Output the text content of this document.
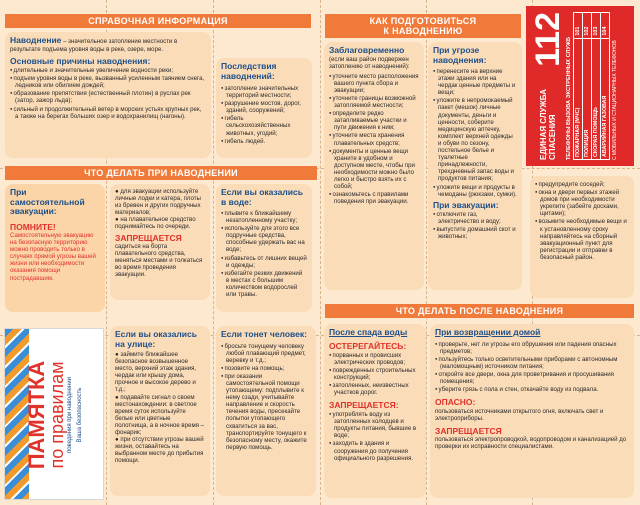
СПРАВОЧНАЯ ИНФОРМАЦИЯ	КАК ПОДГОТОВИТЬСЯ
К НАВОДНЕНИЮ
ЧТО ДЕЛАТЬ ПРИ НАВОДНЕНИИ
ЧТО ДЕЛАТЬ ПОСЛЕ НАВОДНЕНИЯ
Наводнение – значительное затопление местности в результате подъема уровня воды в реке, озере, море.
Основные причины наводнения:
● длительные и значительные увеличение водности реки;
● подъем уровня воды в реке, вызванный усиленным таянием снега, ледников или обилием дождей;
● образование препятствия (естественный плотин) в руслах рек (затор, зажор льда);
● сильный и продолжительный ветер в морских устьях крупных рек, а также на берегах больших озер и водохранилищ (нагоны).
Последствия наводнений:
● затопление значительных территорий местности;
● разрушение мостов, дорог, зданий, сооружений;
● гибель сельскохозяйственных животных, угодий;
● гибель людей.
Заблаговременно
(если ваш район подвержен затоплению от наводнений):
● уточните место расположения вашего пункта сбора и эвакуации;
● уточните границы возможной затопляемой местности;
● определите редко затапливаемые участки и пути движения к ним;
● уточните места хранения плавательных средств;
● документы и ценные вещи храните в удобном и доступном месте, чтобы при необходимости можно было легко и быстро взять их с собой;
● ознакомьтесь с правилами поведения при эвакуации.
При угрозе наводнения:
● перенесите на верхние этажи здания или на чердак ценные предметы и вещи;
● уложите в непромокаемый пакет (мешок) личные документы, деньги и ценности, соберите медицинскую аптечку, комплект верхней одежды и обуви по сезону, постельное белье и туалетные принадлежности, трехдневный запас воды и продуктов питания;
● уложите вещи и продукты в чемоданы (рюкзаки, сумки).
При эвакуации:
● отключите газ, электричество и воду;
● выпустите домашний скот и животных;
● предупредите соседей;
● окна и двери первых этажей домов при необходимости укрепите (забейте досками, щитами);
● возьмите необходимые вещи и к установленному сроку направляйтесь на сборный эвакуационный пункт для регистрации и отправки в безопасный район.
ЕДИНАЯ СЛУЖБА СПАСЕНИЯ
112 ТЕЛЕФОНЫ ВЫЗОВА ЭКСТРЕННЫХ СЛУЖБ ПОЖАРНАЯ (МЧС)	101
ПОЛИЦИЯ	102
СКОРАЯ ПОМОЩЬ	103
АВАРИЙНАЯ ГАЗОВАЯ	104
С МОБИЛЬНЫХ И СТАЦИОНАРНЫХ ТЕЛЕФОНОВ
При самостоятельной эвакуации:
ПОМНИТЕ!
Самостоятельную эвакуацию на безопасную территорию можно проводить только в случаях прямой угрозы вашей жизни или необходимости оказания помощи пострадавшим.
● для эвакуации используйте личные лодки и катера, плоты из бревен и других подручных материалов;
● на плавательное средство поднимайтесь по очереди.
ЗАПРЕЩАЕТСЯ садиться на борта плавательного средства, меняться местами и толкаться во время проведения эвакуации.
Если вы оказались в воде:
● плывите к ближайшему незатопленному участку;
● используйте для этого все подручные средства, способные удержать вас на воде;
● избавьтесь от лишних вещей и одежды;
● избегайте резких движений в местах с большим количеством водорослей или травы.
Если вы оказались на улице:
● займите ближайшее безопасное возвышенное место, верхний этаж здания, чердак или крышу дома, прочное и высокое дерево и т.д.;
● подавайте сигнал о своем местонахождении: в светлое время суток используйте белые или цветные полотнища, а в ночное время – фонарик;
● при отсутствии угрозы вашей жизни, оставайтесь на выбранном месте до прибытия помощи.
Если тонет человек:
● бросьте тонущему человеку любой плавающий предмет, веревку и т.д.;
● позовите на помощь;
● при оказании самостоятельной помощи утопающему: подплывите к нему сзади, учитывайте направление и скорость течения воды, пресекайте попытки утопающего схватиться за вас, транспортируйте тонущего к безопасному месту, окажите первую помощь.
После спада воды
ОСТЕРЕГАЙТЕСЬ:
● порванных и провисших электрических проводов;
● поврежденных строительных конструкций;
● затопленных, неизвестных участков дорог.
ЗАПРЕЩАЕТСЯ:
● употреблять воду из затопленных колодцев и продукты питания, бывшие в воде;
● заходить в здания и сооружения до получения официального разрешения.
При возвращении домой
● проверьте, нет ли угрозы его обрушения или падения опасных предметов;
● пользуйтесь только осветительными приборами с автономным (маломощным) источником питания;
● откройте все двери, окна для проветривания и просушивания помещения;
● уберите грязь с пола и стен, откачайте воду из подвала.
ОПАСНО:
пользоваться источниками открытого огня, включать свет и электроприборы.
ЗАПРЕЩАЕТСЯ
пользоваться электропроводкой, водопроводом и канализацией до проверки их исправности специалистами.
ПАМЯТКА
по правилам поведения при наводнении Ваша безопасность
